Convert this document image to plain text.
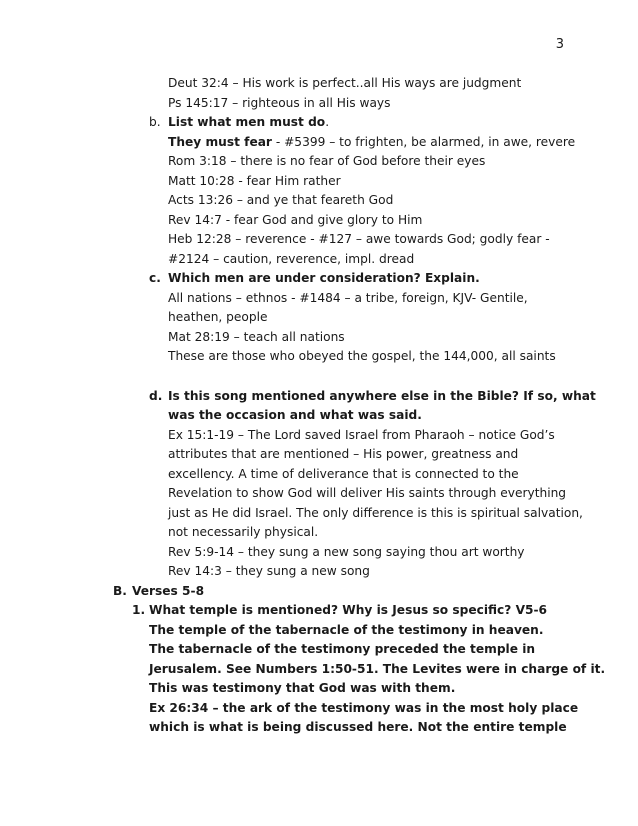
3
Deut 32:4 – His work is perfect..all His ways are judgment
Ps 145:17 – righteous in all His ways
b. List what men must do.
They must fear - #5399 – to frighten, be alarmed, in awe, revere
Rom 3:18 – there is no fear of God before their eyes
Matt 10:28 - fear Him rather
Acts 13:26 – and ye that feareth God
Rev 14:7 - fear God and give glory to Him
Heb 12:28 – reverence - #127 – awe towards God; godly fear -
#2124 – caution, reverence, impl. dread
c. Which men are under consideration? Explain.
All nations – ethnos - #1484 – a tribe, foreign, KJV- Gentile,
heathen, people
Mat 28:19 – teach all nations
These are those who obeyed the gospel, the 144,000, all saints
d. Is this song mentioned anywhere else in the Bible? If so, what
was the occasion and what was said.
Ex 15:1-19 – The Lord saved Israel from Pharaoh – notice God’s
attributes that are mentioned – His power, greatness and
excellency. A time of deliverance that is connected to the
Revelation to show God will deliver His saints through everything
just as He did Israel. The only difference is this is spiritual salvation,
not necessarily physical.
Rev 5:9-14 – they sung a new song saying thou art worthy
Rev 14:3 – they sung a new song
B. Verses 5-8
1. What temple is mentioned? Why is Jesus so specific? V5-6
The temple of the tabernacle of the testimony in heaven.
The tabernacle of the testimony preceded the temple in
Jerusalem. See Numbers 1:50-51. The Levites were in charge of it.
This was testimony that God was with them.
Ex 26:34 – the ark of the testimony was in the most holy place
which is what is being discussed here. Not the entire temple
